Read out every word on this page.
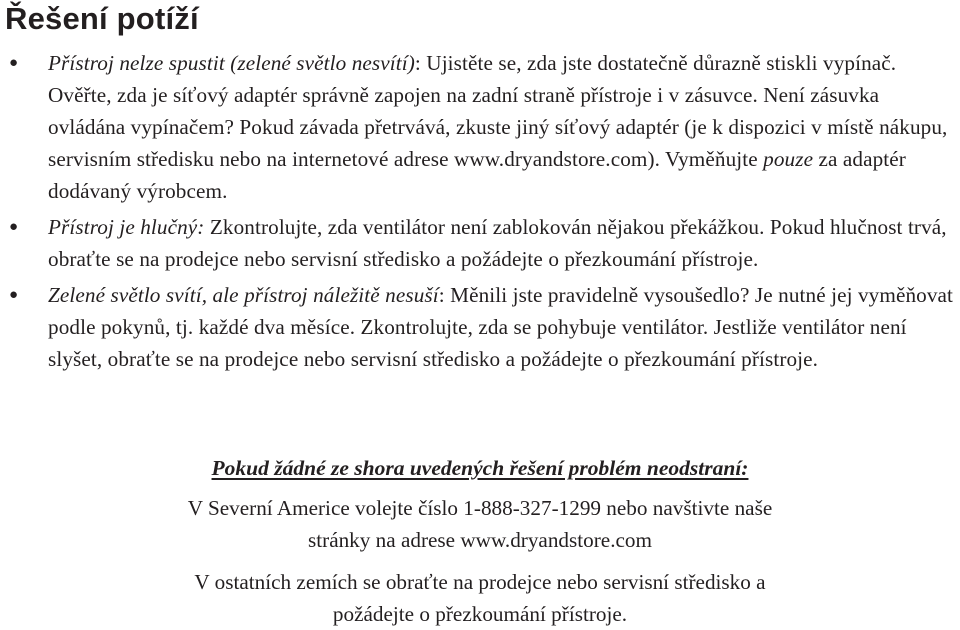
Řešení potíží
● Přístroj nelze spustit (zelené světlo nesvítí): Ujistěte se, zda jste dostatečně důrazně stiskli vypínač. Ověřte, zda je síťový adaptér správně zapojen na zadní straně přístroje i v zásuvce. Není zásuvka ovládána vypínačem? Pokud závada přetrvává, zkuste jiný síťový adaptér (je k dispozici v místě nákupu, servisním středisku nebo na internetové adrese www.dryandstore.com). Vyměňujte pouze za adaptér dodávaný výrobcem.
● Přístroj je hlučný: Zkontrolujte, zda ventilátor není zablokován nějakou překážkou. Pokud hlučnost trvá, obraťte se na prodejce nebo servisní středisko a požádejte o přezkoumání přístroje.
● Zelené světlo svítí, ale přístroj náležitě nesuší: Měnili jste pravidelně vysoušedlo? Je nutné jej vyměňovat podle pokynů, tj. každé dva měsíce. Zkontrolujte, zda se pohybuje ventilátor. Jestliže ventilátor není slyšet, obraťte se na prodejce nebo servisní středisko a požádejte o přezkoumání přístroje.

Pokud žádné ze shora uvedených řešení problém neodstraní:

V Severní Americe volejte číslo 1-888-327-1299 nebo navštivte naše
stránky na adrese www.dryandstore.com

V ostatních zemích se obraťte na prodejce nebo servisní středisko a
požádejte o přezkoumání přístroje.
